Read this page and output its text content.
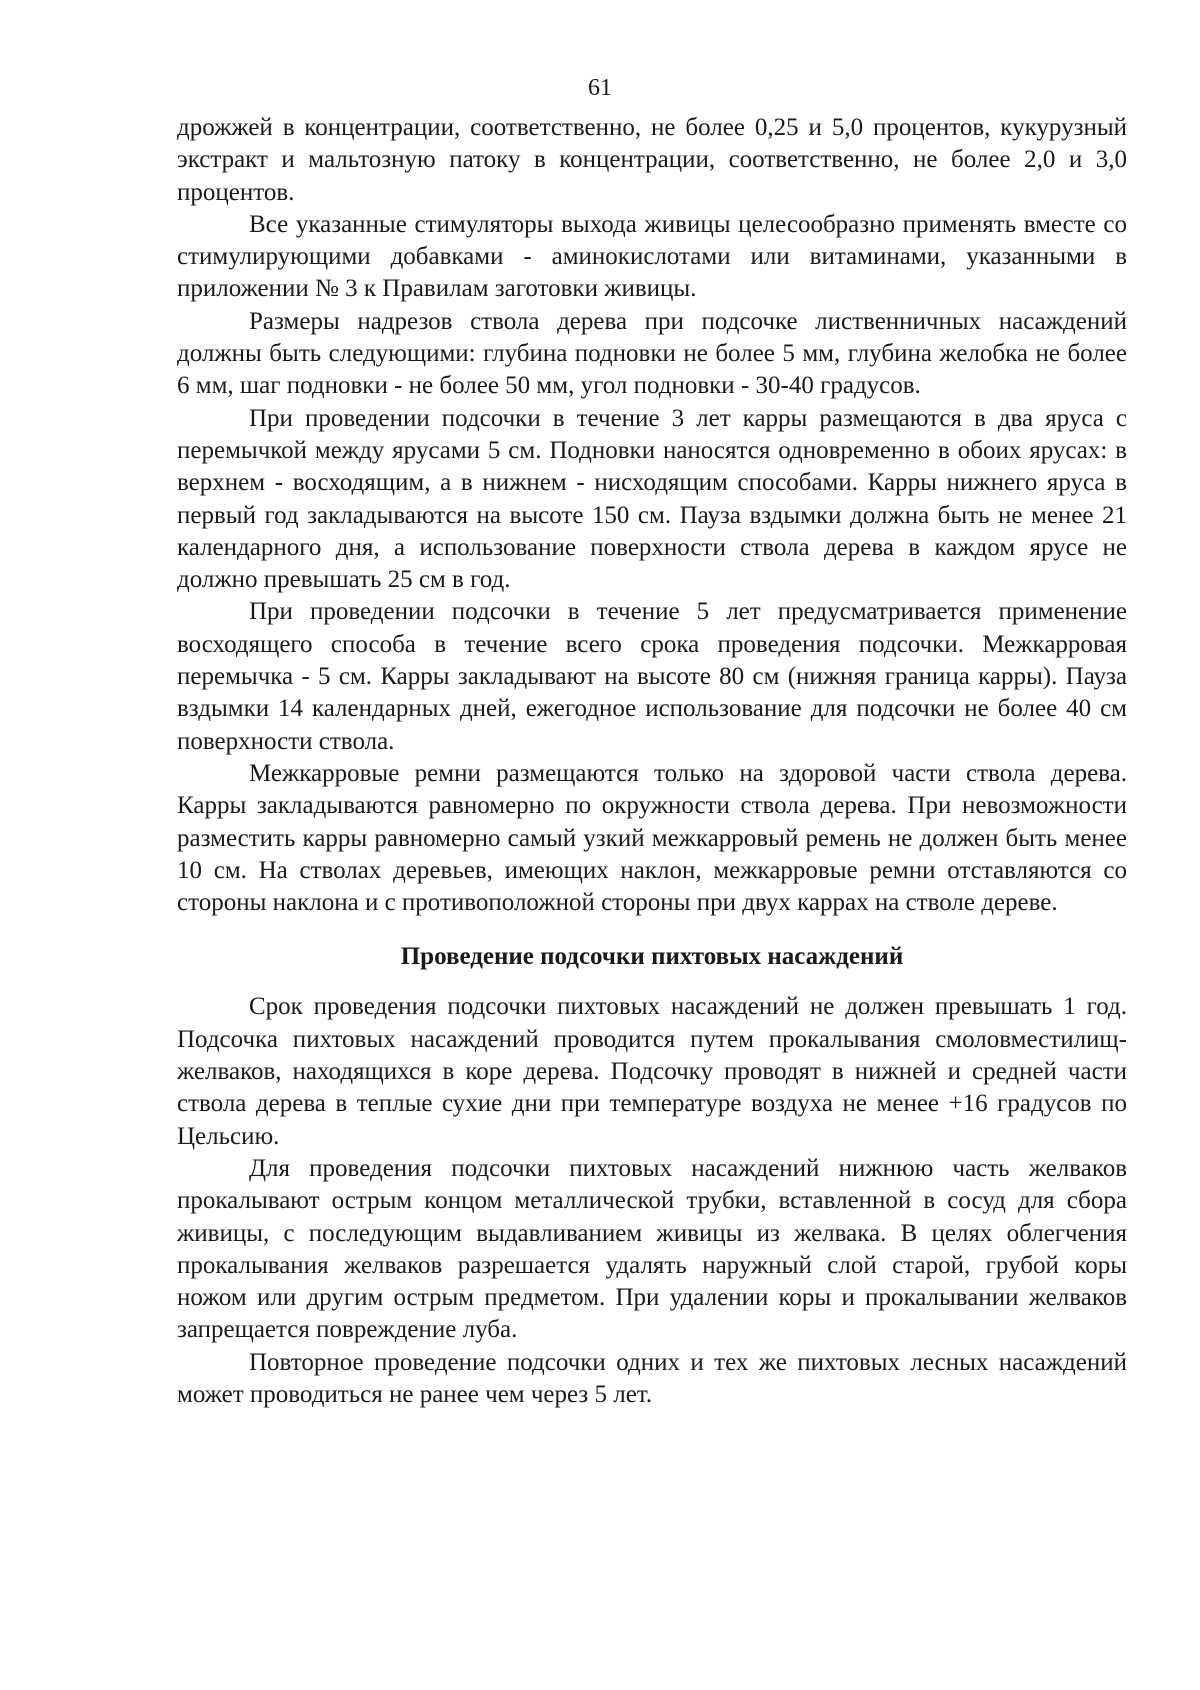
61

дрожжей в концентрации, соответственно, не более 0,25 и 5,0 процентов, кукурузный экстракт и мальтозную патоку в концентрации, соответственно, не более 2,0 и 3,0 процентов.

Все указанные стимуляторы выхода живицы целесообразно применять вместе со стимулирующими добавками - аминокислотами или витаминами, указанными в приложении № 3 к Правилам заготовки живицы.

Размеры надрезов ствола дерева при подсочке лиственничных насаждений должны быть следующими: глубина подновки не более 5 мм, глубина желобка не более 6 мм, шаг подновки - не более 50 мм, угол подновки - 30-40 градусов.

При проведении подсочки в течение 3 лет карры размещаются в два яруса с перемычкой между ярусами 5 см. Подновки наносятся одновременно в обоих ярусах: в верхнем - восходящим, а в нижнем - нисходящим способами. Карры нижнего яруса в первый год закладываются на высоте 150 см. Пауза вздымки должна быть не менее 21 календарного дня, а использование поверхности ствола дерева в каждом ярусе не должно превышать 25 см в год.

При проведении подсочки в течение 5 лет предусматривается применение восходящего способа в течение всего срока проведения подсочки. Межкарровая перемычка - 5 см. Карры закладывают на высоте 80 см (нижняя граница карры). Пауза вздымки 14 календарных дней, ежегодное использование для подсочки не более 40 см поверхности ствола.

Межкарровые ремни размещаются только на здоровой части ствола дерева. Карры закладываются равномерно по окружности ствола дерева. При невозможности разместить карры равномерно самый узкий межкарровый ремень не должен быть менее 10 см. На стволах деревьев, имеющих наклон, межкарровые ремни отставляются со стороны наклона и с противоположной стороны при двух каррах на стволе дереве.

Проведение подсочки пихтовых насаждений

Срок проведения подсочки пихтовых насаждений не должен превышать 1 год. Подсочка пихтовых насаждений проводится путем прокалывания смоловместилищ-желваков, находящихся в коре дерева. Подсочку проводят в нижней и средней части ствола дерева в теплые сухие дни при температуре воздуха не менее +16 градусов по Цельсию.

Для проведения подсочки пихтовых насаждений нижнюю часть желваков прокалывают острым концом металлической трубки, вставленной в сосуд для сбора живицы, с последующим выдавливанием живицы из желвака. В целях облегчения прокалывания желваков разрешается удалять наружный слой старой, грубой коры ножом или другим острым предметом. При удалении коры и прокалывании желваков запрещается повреждение луба.

Повторное проведение подсочки одних и тех же пихтовых лесных насаждений может проводиться не ранее чем через 5 лет.
